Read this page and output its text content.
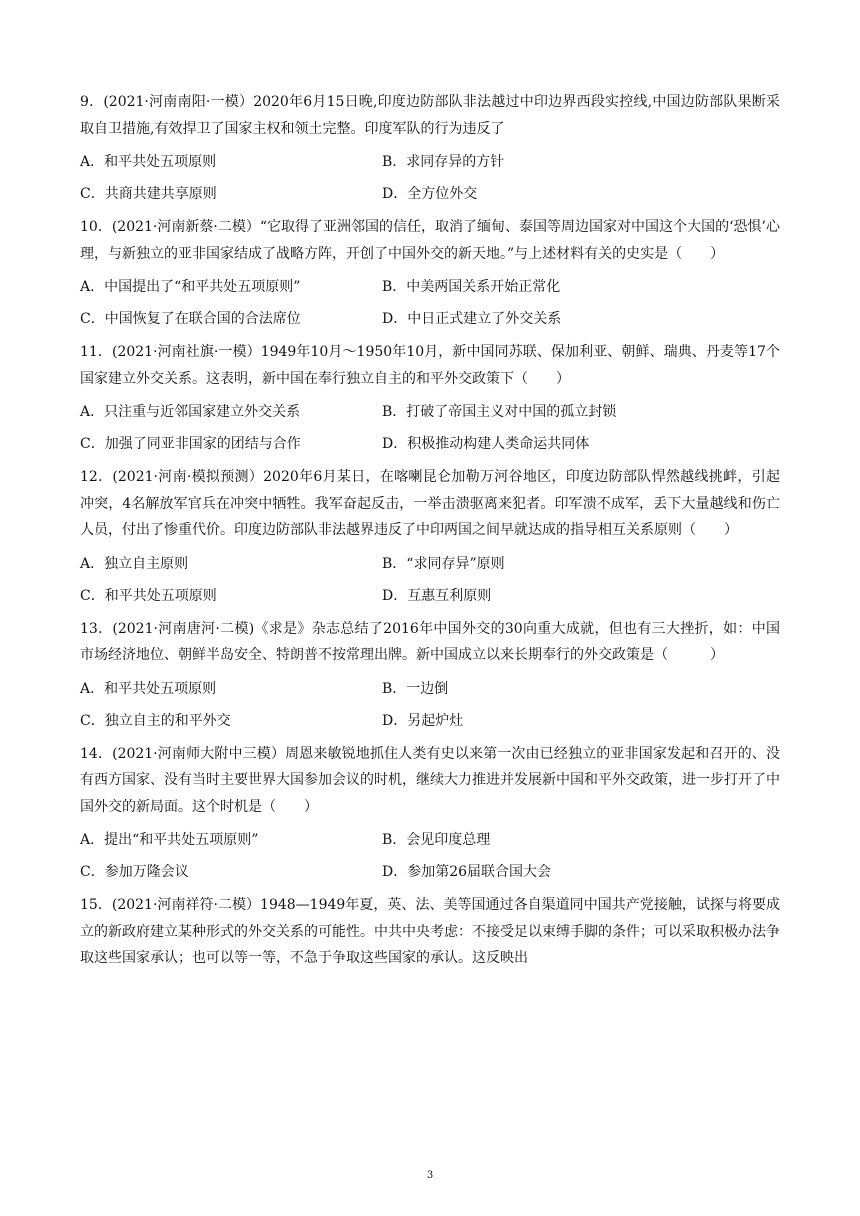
9．(2021·河南南阳·一模）2020年6月15日晚,印度边防部队非法越过中印边界西段实控线,中国边防部队果断采取自卫措施,有效捍卫了国家主权和领土完整。印度军队的行为违反了

A．和平共处五项原则	B．求同存异的方针
C．共商共建共享原则	D．全方位外交

10．(2021·河南新蔡·二模）“它取得了亚洲邻国的信任，取消了缅甸、泰国等周边国家对中国这个大国的‘恐惧’心理，与新独立的亚非国家结成了战略方阵，开创了中国外交的新天地。”与上述材料有关的史实是（　　）

A．中国提出了“和平共处五项原则”	B．中美两国关系开始正常化
C．中国恢复了在联合国的合法席位	D．中日正式建立了外交关系

11．(2021·河南社旗·一模）1949年10月～1950年10月，新中国同苏联、保加利亚、朝鲜、瑞典、丹麦等17个国家建立外交关系。这表明，新中国在奉行独立自主的和平外交政策下（　　）

A．只注重与近邻国家建立外交关系	B．打破了帝国主义对中国的孤立封锁
C．加强了同亚非国家的团结与合作	D．积极推动构建人类命运共同体

12．(2021·河南·模拟预测）2020年6月某日，在喀喇昆仑加勒万河谷地区，印度边防部队悍然越线挑衅，引起冲突，4名解放军官兵在冲突中牺牲。我军奋起反击，一举击溃驱离来犯者。印军溃不成军，丢下大量越线和伤亡人员，付出了惨重代价。印度边防部队非法越界违反了中印两国之间早就达成的指导相互关系原则（　　）

A．独立自主原则	B．“求同存异”原则
C．和平共处五项原则	D．互惠互利原则

13．(2021·河南唐河·二模)《求是》杂志总结了2016年中国外交的30向重大成就，但也有三大挫折，如：中国市场经济地位、朝鲜半岛安全、特朗普不按常理出牌。新中国成立以来长期奉行的外交政策是（　　　）

A．和平共处五项原则	B．一边倒
C．独立自主的和平外交	D．另起炉灶

14．(2021·河南师大附中三模）周恩来敏锐地抓住人类有史以来第一次由已经独立的亚非国家发起和召开的、没有西方国家、没有当时主要世界大国参加会议的时机，继续大力推进并发展新中国和平外交政策，进一步打开了中国外交的新局面。这个时机是（　　）

A．提出“和平共处五项原则”	B．会见印度总理
C．参加万隆会议	D．参加第26届联合国大会

15．(2021·河南祥符·二模）1948—1949年夏，英、法、美等国通过各自渠道同中国共产党接触，试探与将要成立的新政府建立某种形式的外交关系的可能性。中共中央考虑：不接受足以束缚手脚的条件；可以采取积极办法争取这些国家承认；也可以等一等，不急于争取这些国家的承认。这反映出

3
